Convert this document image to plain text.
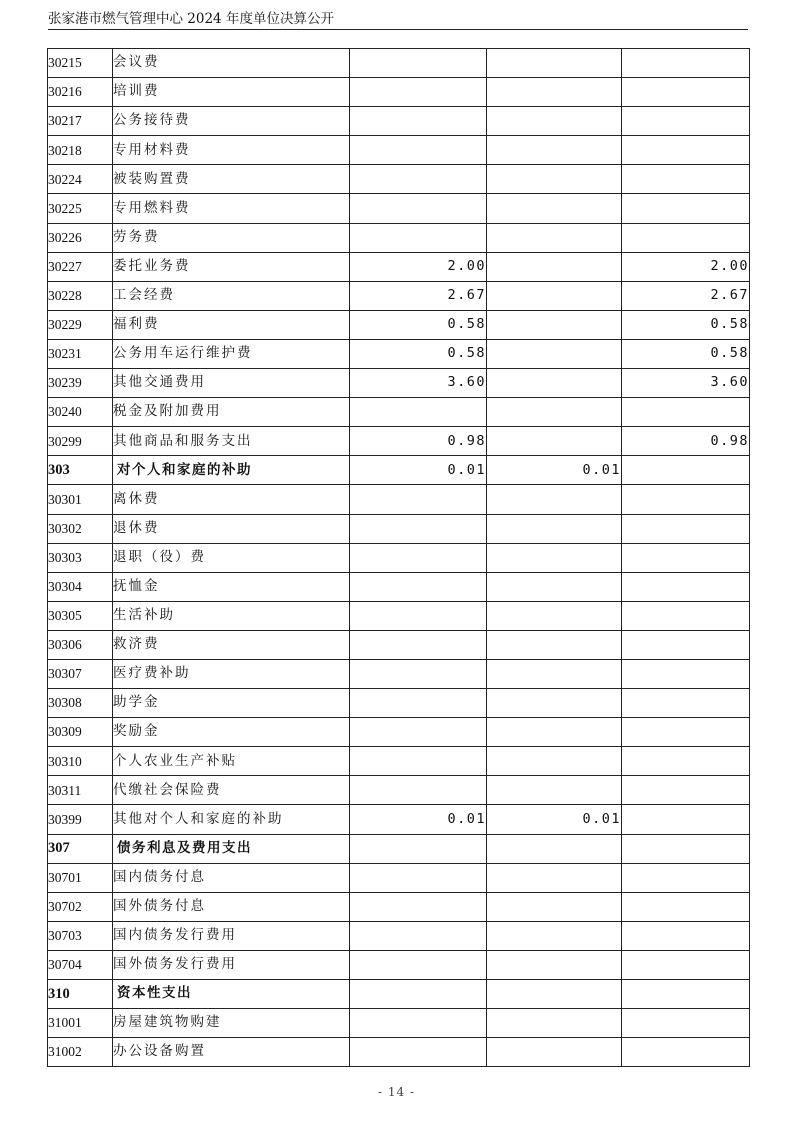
张家港市燃气管理中心 2024 年度单位决算公开
30215	会议费			
30216	培训费			
30217	公务接待费			
30218	专用材料费			
30224	被装购置费			
30225	专用燃料费			
30226	劳务费			
30227	委托业务费	2.00		2.00
30228	工会经费	2.67		2.67
30229	福利费	0.58		0.58
30231	公务用车运行维护费	0.58		0.58
30239	其他交通费用	3.60		3.60
30240	税金及附加费用			
30299	其他商品和服务支出	0.98		0.98
303	对个人和家庭的补助	0.01	0.01	
30301	离休费			
30302	退休费			
30303	退职（役）费			
30304	抚恤金			
30305	生活补助			
30306	救济费			
30307	医疗费补助			
30308	助学金			
30309	奖励金			
30310	个人农业生产补贴			
30311	代缴社会保险费			
30399	其他对个人和家庭的补助	0.01	0.01	
307	债务利息及费用支出			
30701	国内债务付息			
30702	国外债务付息			
30703	国内债务发行费用			
30704	国外债务发行费用			
310	资本性支出			
31001	房屋建筑物购建			
31002	办公设备购置			
- 14 -
